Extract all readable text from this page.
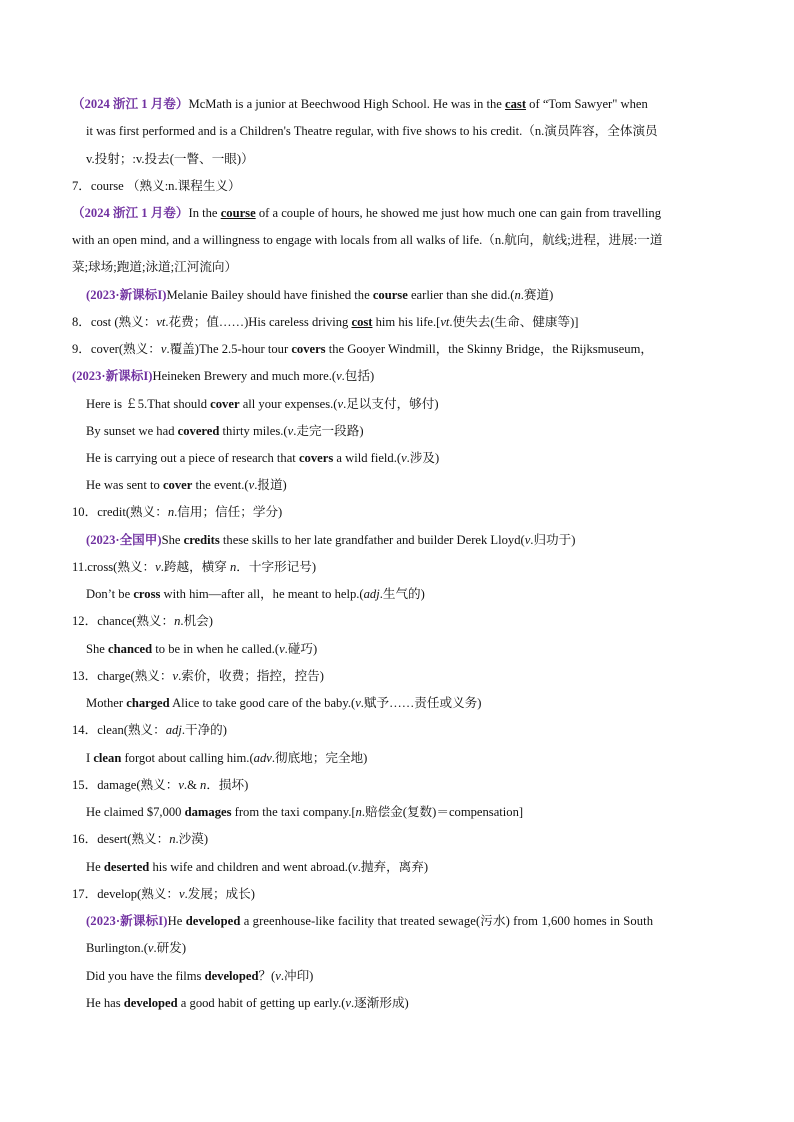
（2024 浙江 1 月卷）McMath is a junior at Beechwood High School. He was in the cast of “Tom Sawyer" when
it was first performed and is a Children's Theatre regular, with five shows to his credit.（n.演员阵容，全体演员
v.投射；:v.投去(一瞥、一眼)）
7．course （熟义:n.课程生义）
（2024 浙江 1 月卷）In the course of a couple of hours, he showed me just how much one can gain from travelling
with an open mind, and a willingness to engage with locals from all walks of life.（n.航向，航线;进程，进展:一道
菜;球场;跑道;泳道;江河流向）
(2023·新课标I)Melanie Bailey should have finished the course earlier than she did.(n.赛道)
8．cost (熟义：vt.花费；值……)His careless driving cost him his life.[vt.使失去(生命、健康等)]
9．cover(熟义：v.覆盖)The 2.5-hour tour covers the Gooyer Windmill，the Skinny Bridge，the Rijksmuseum，
(2023·新课标I)Heineken Brewery and much more.(v.包括)
Here is ￡5.That should cover all your expenses.(v.足以支付，够付)
By sunset we had covered thirty miles.(v.走完一段路)
He is carrying out a piece of research that covers a wild field.(v.涉及)
He was sent to cover the event.(v.报道)
10．credit(熟义：n.信用；信任；学分)
(2023·全国甲)She credits these skills to her late grandfather and builder Derek Lloyd(v.归功于)
11.cross(熟义：v.跨越，横穿 n．十字形记号)
Don’t be cross with him—after all，he meant to help.(adj.生气的)
12．chance(熟义：n.机会)
She chanced to be in when he called.(v.碰巧)
13．charge(熟义：v.索价，收费；指控，控告)
Mother charged Alice to take good care of the baby.(v.赋予……责任或义务)
14．clean(熟义：adj.干净的)
I clean forgot about calling him.(adv.彻底地；完全地)
15．damage(熟义：v.& n．损坏)
He claimed $7,000 damages from the taxi company.[n.赔偿金(复数)＝compensation]
16．desert(熟义：n.沙漠)
He deserted his wife and children and went abroad.(v.抛弃，离弃)
17．develop(熟义：v.发展；成长)
(2023·新课标I)He developed a greenhouse-like facility that treated sewage(污水) from 1,600 homes in South
Burlington.(v.研发)
Did you have the films developed？(v.冲印)
He has developed a good habit of getting up early.(v.逐渐形成)
